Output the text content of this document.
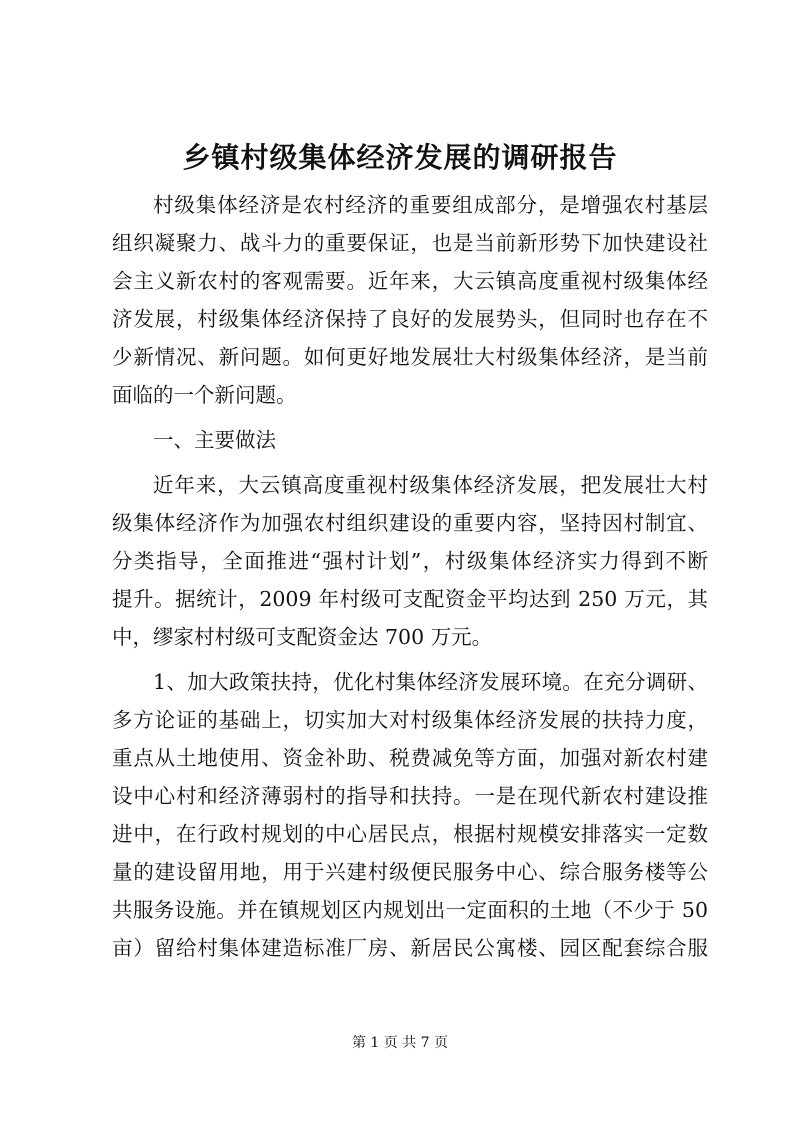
乡镇村级集体经济发展的调研报告
村级集体经济是农村经济的重要组成部分，是增强农村基层
组织凝聚力、战斗力的重要保证，也是当前新形势下加快建设社
会主义新农村的客观需要。近年来，大云镇高度重视村级集体经
济发展，村级集体经济保持了良好的发展势头，但同时也存在不
少新情况、新问题。如何更好地发展壮大村级集体经济，是当前
面临的一个新问题。
一、主要做法
近年来，大云镇高度重视村级集体经济发展，把发展壮大村
级集体经济作为加强农村组织建设的重要内容，坚持因村制宜、
分类指导，全面推进“强村计划”，村级集体经济实力得到不断
提升。据统计，2009 年村级可支配资金平均达到 250 万元，其
中，缪家村村级可支配资金达 700 万元。
1、加大政策扶持，优化村集体经济发展环境。在充分调研、
多方论证的基础上，切实加大对村级集体经济发展的扶持力度，
重点从土地使用、资金补助、税费减免等方面，加强对新农村建
设中心村和经济薄弱村的指导和扶持。一是在现代新农村建设推
进中，在行政村规划的中心居民点，根据村规模安排落实一定数
量的建设留用地，用于兴建村级便民服务中心、综合服务楼等公
共服务设施。并在镇规划区内规划出一定面积的土地（不少于 50
亩）留给村集体建造标准厂房、新居民公寓楼、园区配套综合服
第 1 页 共 7 页
